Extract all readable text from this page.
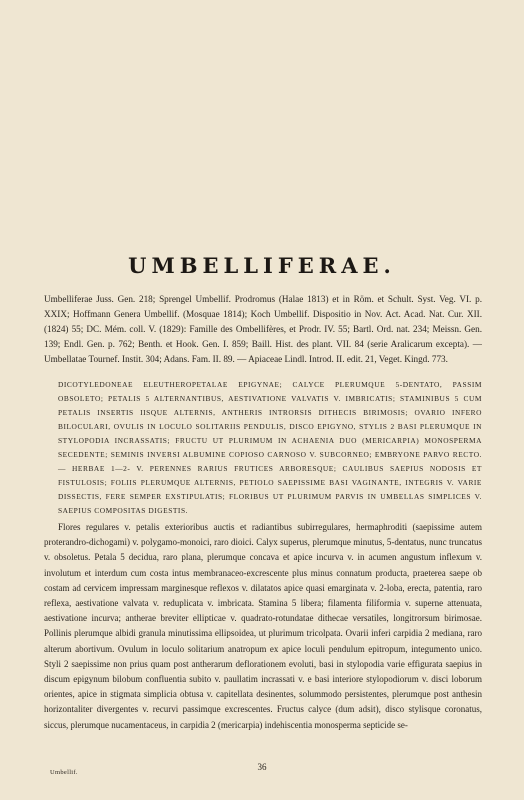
UMBELLIFERAE.

Umbelliferae Juss. Gen. 218; Sprengel Umbellif. Prodromus (Halae 1813) et in Röm. et Schult. Syst. Veg. VI. p. XXIX; Hoffmann Genera Umbellif. (Mosquae 1814); Koch Umbellif. Dispositio in Nov. Act. Acad. Nat. Cur. XII. (1824) 55; DC. Mém. coll. V. (1829): Famille des Ombellifères, et Prodr. IV. 55; Bartl. Ord. nat. 234; Meissn. Gen. 139; Endl. Gen. p. 762; Benth. et Hook. Gen. I. 859; Baill. Hist. des plant. VII. 84 (serie Aralicarum excepta). — Umbellatae Tournef. Instit. 304; Adans. Fam. II. 89. — Apiaceae Lindl. Introd. II. edit. 21, Veget. Kingd. 773.

DICOTYLEDONEAE ELEUTHEROPETALAE EPIGYNAE; CALYCE PLERUMQUE 5-DENTATO, PASSIM OBSOLETO; PETALIS 5 ALTERNANTIBUS, AESTIVATIONE VALVATIS V. IMBRICATIS; STAMINIBUS 5 CUM PETALIS INSERTIS IISQUE ALTERNIS, ANTHERIS INTRORSIS DITHECIS BIRIMOSIS; OVARIO INFERO BILOCULARI, OVULIS IN LOCULO SOLITARIIS PENDULIS, DISCO EPIGYNO, STYLIS 2 BASI PLERUMQUE IN STYLOPODIA INCRASSATIS; FRUCTU UT PLURIMUM IN ACHAENIA DUO (MERICARPIA) MONOSPERMA SECEDENTE; SEMINIS INVERSI ALBUMINE COPIOSO CARNOSO V. SUBCORNEO; EMBRYONE PARVO RECTO. — HERBAE 1—2- V. PERENNES RARIUS FRUTICES ARBORESQUE; CAULIBUS SAEPIUS NODOSIS ET FISTULOSIS; FOLIIS PLERUMQUE ALTERNIS, PETIOLO SAEPISSIME BASI VAGINANTE, INTEGRIS V. VARIE DISSECTIS, FERE SEMPER EXSTIPULATIS; FLORIBUS UT PLURIMUM PARVIS IN UMBELLAS SIMPLICES V. SAEPIUS COMPOSITAS DIGESTIS.

Flores regulares v. petalis exterioribus auctis et radiantibus subirregulares, hermaphroditi (saepissime autem proterandro-dichogami) v. polygamo-monoici, raro dioici. Calyx superus, plerumque minutus, 5-dentatus, nunc truncatus v. obsoletus. Petala 5 decidua, raro plana, plerumque concava et apice incurva v. in acumen angustum inflexum v. involutum et interdum cum costa intus membranaceo-excrescente plus minus connatum producta, praeterea saepe ob costam ad cervicem impressam marginesque reflexos v. dilatatos apice quasi emarginata v. 2-loba, erecta, patentia, raro reflexa, aestivatione valvata v. reduplicata v. imbricata. Stamina 5 libera; filamenta filiformia v. superne attenuata, aestivatione incurva; antherae breviter ellipticae v. quadrato-rotundatae dithecae versatiles, longitrorsum birimosae. Pollinis plerumque albidi granula minutissima ellipsoidea, ut plurimum tricolpata. Ovarii inferi carpidia 2 mediana, raro alterum abortivum. Ovulum in loculo solitarium anatropum ex apice loculi pendulum epitropum, integumento unico. Styli 2 saepissime non prius quam post antherarum deflorationem evoluti, basi in stylopodia varie effigurata saepius in discum epigynum bilobum confluentia subito v. paullatim incrassati v. e basi interiore stylopodiorum v. disci loborum orientes, apice in stigmata simplicia obtusa v. capitellata desinentes, solummodo persistentes, plerumque post anthesin horizontaliter divergentes v. recurvi passimque excrescentes. Fructus calyce (dum adsit), disco stylisque coronatus, siccus, plerumque nucamentaceus, in carpidia 2 (mericarpia) indehiscentia monosperma septicide se-

36
Umbellif.
